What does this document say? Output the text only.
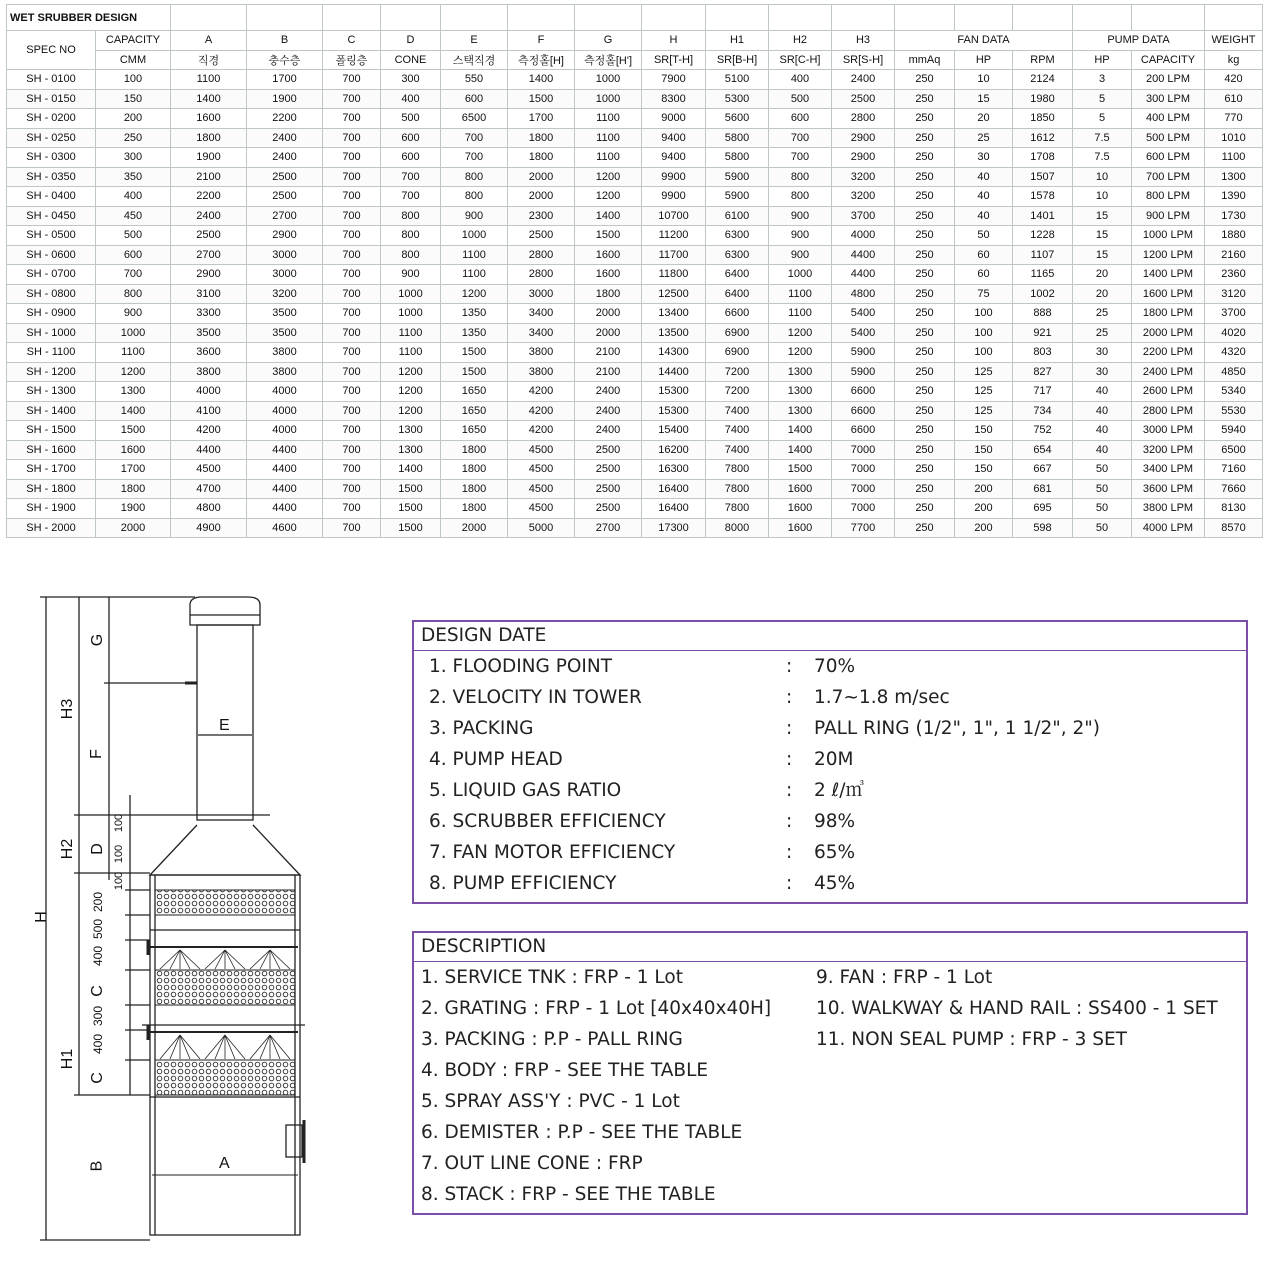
WET SRUBBER DESIGN																		
SPEC NO	CAPACITY	A	B	C	D	E	F	G	H	H1	H2	H3	FAN DATA			PUMP DATA		WEIGHT
	CMM	직경	충수층	폴링층	CONE	스택직경	측정홀[H]	측정홀[H']	SR[T-H]	SR[B-H]	SR[C-H]	SR[S-H]	mmAq	HP	RPM	HP	CAPACITY	kg
SH - 0100	100	1100	1700	700	300	550	1400	1000	7900	5100	400	2400	250	10	2124	3	200 LPM	420
SH - 0150	150	1400	1900	700	400	600	1500	1000	8300	5300	500	2500	250	15	1980	5	300 LPM	610
SH - 0200	200	1600	2200	700	500	6500	1700	1100	9000	5600	600	2800	250	20	1850	5	400 LPM	770
SH - 0250	250	1800	2400	700	600	700	1800	1100	9400	5800	700	2900	250	25	1612	7.5	500 LPM	1010
SH - 0300	300	1900	2400	700	600	700	1800	1100	9400	5800	700	2900	250	30	1708	7.5	600 LPM	1100
SH - 0350	350	2100	2500	700	700	800	2000	1200	9900	5900	800	3200	250	40	1507	10	700 LPM	1300
SH - 0400	400	2200	2500	700	700	800	2000	1200	9900	5900	800	3200	250	40	1578	10	800 LPM	1390
SH - 0450	450	2400	2700	700	800	900	2300	1400	10700	6100	900	3700	250	40	1401	15	900 LPM	1730
SH - 0500	500	2500	2900	700	800	1000	2500	1500	11200	6300	900	4000	250	50	1228	15	1000 LPM	1880
SH - 0600	600	2700	3000	700	800	1100	2800	1600	11700	6300	900	4400	250	60	1107	15	1200 LPM	2160
SH - 0700	700	2900	3000	700	900	1100	2800	1600	11800	6400	1000	4400	250	60	1165	20	1400 LPM	2360
SH - 0800	800	3100	3200	700	1000	1200	3000	1800	12500	6400	1100	4800	250	75	1002	20	1600 LPM	3120
SH - 0900	900	3300	3500	700	1000	1350	3400	2000	13400	6600	1100	5400	250	100	888	25	1800 LPM	3700
SH - 1000	1000	3500	3500	700	1100	1350	3400	2000	13500	6900	1200	5400	250	100	921	25	2000 LPM	4020
SH - 1100	1100	3600	3800	700	1100	1500	3800	2100	14300	6900	1200	5900	250	100	803	30	2200 LPM	4320
SH - 1200	1200	3800	3800	700	1200	1500	3800	2100	14400	7200	1300	5900	250	125	827	30	2400 LPM	4850
SH - 1300	1300	4000	4000	700	1200	1650	4200	2400	15300	7200	1300	6600	250	125	717	40	2600 LPM	5340
SH - 1400	1400	4100	4000	700	1200	1650	4200	2400	15300	7400	1300	6600	250	125	734	40	2800 LPM	5530
SH - 1500	1500	4200	4000	700	1300	1650	4200	2400	15400	7400	1400	6600	250	150	752	40	3000 LPM	5940
SH - 1600	1600	4400	4400	700	1300	1800	4500	2500	16200	7400	1400	7000	250	150	654	40	3200 LPM	6500
SH - 1700	1700	4500	4400	700	1400	1800	4500	2500	16300	7800	1500	7000	250	150	667	50	3400 LPM	7160
SH - 1800	1800	4700	4400	700	1500	1800	4500	2500	16400	7800	1600	7000	250	200	681	50	3600 LPM	7660
SH - 1900	1900	4800	4400	700	1500	1800	4500	2500	16400	7800	1600	7000	250	200	695	50	3800 LPM	8130
SH - 2000	2000	4900	4600	700	1500	2000	5000	2700	17300	8000	1600	7700	250	200	598	50	4000 LPM	8570
G
H3
F
E
H2 D
100
100
100
H
200
500
400
C
300
400
C
H1
B	A
DESIGN DATE
1. FLOODING POINT	: 70%
2. VELOCITY IN TOWER	: 1.7~1.8 m/sec
3. PACKING	: PALL RING (1/2", 1", 1 1/2", 2")
4. PUMP HEAD	: 20M
5. LIQUID GAS RATIO	: 2 ℓ/㎥
6. SCRUBBER EFFICIENCY	: 98%
7. FAN MOTOR EFFICIENCY	: 65%
8. PUMP EFFICIENCY	: 45%
DESCRIPTION
1. SERVICE TNK : FRP - 1 Lot
2. GRATING : FRP - 1 Lot [40x40x40H]
3. PACKING : P.P - PALL RING
4. BODY : FRP - SEE THE TABLE
5. SPRAY ASS'Y : PVC - 1 Lot
6. DEMISTER : P.P - SEE THE TABLE
7. OUT LINE CONE : FRP
8. STACK : FRP - SEE THE TABLE
9. FAN : FRP - 1 Lot
10. WALKWAY & HAND RAIL : SS400 - 1 SET
11. NON SEAL PUMP : FRP - 3 SET
